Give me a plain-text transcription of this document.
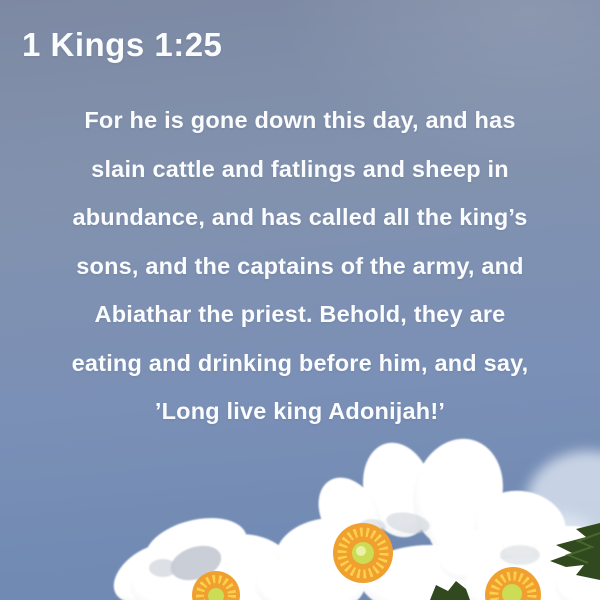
1 Kings 1:25
For he is gone down this day, and has
slain cattle and fatlings and sheep in
abundance, and has called all the king’s
sons, and the captains of the army, and
Abiathar the priest. Behold, they are
eating and drinking before him, and say,
’Long live king Adonijah!’
